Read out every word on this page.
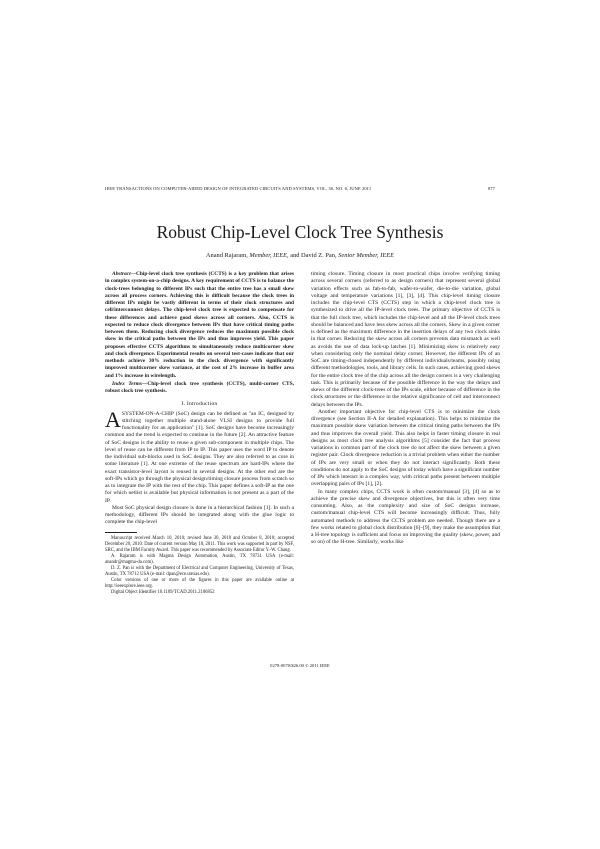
IEEE TRANSACTIONS ON COMPUTER-AIDED DESIGN OF INTEGRATED CIRCUITS AND SYSTEMS, VOL. 30, NO. 6, JUNE 2011	877
Robust Chip-Level Clock Tree Synthesis
Anand Rajaram, Member, IEEE, and David Z. Pan, Senior Member, IEEE

Abstract—Chip-level clock tree synthesis (CCTS) is a key problem that arises in complex system-on-a-chip designs. A key requirement of CCTS is to balance the clock-trees belonging to different IPs such that the entire tree has a small skew across all process corners. Achieving this is difficult because the clock trees in different IPs might be vastly different in terms of their clock structures and cell/interconnect delays. The chip-level clock tree is expected to compensate for these differences and achieve good skews across all corners. Also, CCTS is expected to reduce clock divergence between IPs that have critical timing paths between them. Reducing clock divergence reduces the maximum possible clock skew in the critical paths between the IPs and thus improves yield. This paper proposes effective CCTS algorithms to simultaneously reduce multicorner skew and clock divergence. Experimental results on several test-cases indicate that our methods achieve 30% reduction in the clock divergence with significantly improved multicorner skew variance, at the cost of 2% increase in buffer area and 1% increase in wirelength.

Index Terms—Chip-level clock tree synthesis (CCTS), multi-corner CTS, robust clock tree synthesis.

I. Introduction

ASYSTEM-ON-A-CHIP (SoC) design can be defined as "an IC, designed by stitching together multiple stand-alone VLSI designs to provide full functionality for an application" [1]. SoC designs have become increasingly common and the trend is expected to continue in the future [2]. An attractive feature of SoC designs is the ability to reuse a given sub-component in multiple chips. The level of reuse can be different from IP to IP. This paper uses the word IP to denote the individual sub-blocks used in SoC designs. They are also referred to as core in some literature [1]. At one extreme of the reuse spectrum are hard-IPs where the exact transistor-level layout is reused in several designs. At the other end are the soft-IPs which go through the physical design/timing closure process from scratch so as to integrate the IP with the rest of the chip. This paper defines a soft-IP as the one for which netlist is available but physical information is not present as a part of the IP.

Most SoC physical design closure is done in a hierarchical fashion [1]. In such a methodology, different IPs should be integrated along with the glue logic to complete the chip-level

Manuscript received March 10, 2010; revised June 30, 2010 and October 8, 2010; accepted December 20, 2010. Date of current version May 18, 2011. This work was supported in part by NSF, SRC, and the IBM Faculty Award. This paper was recommended by Associate Editor Y.-W. Chang.

A. Rajaram is with Magma Design Automation, Austin, TX 78731 USA (e-mail: anandr@magma-da.com).

D. Z. Pan is with the Department of Electrical and Computer Engineering, University of Texas, Austin, TX 78712 USA (e-mail: dpan@ece.utexas.edu).

Color versions of one or more of the figures in this paper are available online at http://ieeexplore.ieee.org.

Digital Object Identifier 10.1109/TCAD.2011.2106852

timing closure. Timing closure in most practical chips involve verifying timing across several corners (referred to as design corners) that represent several global variation effects such as fab-to-fab, wafer-to-wafer, die-to-die variation, global voltage and temperature variations [1], [3], [4]. This chip-level timing closure includes the chip-level CTS (CCTS) step in which a chip-level clock tree is synthesized to drive all the IP-level clock trees. The primary objective of CCTS is that the full clock tree, which includes the chip-level and all the IP-level clock trees should be balanced and have less skew across all the corners. Skew in a given corner is defined as the maximum difference in the insertion delays of any two clock sinks in that corner. Reducing the skew across all corners prevents data mismatch as well as avoids the use of data lock-up latches [1]. Minimizing skew is relatively easy when considering only the nominal delay corner. However, the different IPs of an SoC are timing-closed independently by different individuals/teams, possibly using different methodologies, tools, and library cells. In such cases, achieving good skews for the entire clock tree of the chip across all the design corners is a very challenging task. This is primarily because of the possible difference in the way the delays and skews of the different clock-trees of the IPs scale, either because of difference in the clock structures or the difference in the relative significance of cell and interconnect delays between the IPs.

Another important objective for chip-level CTS is to minimize the clock divergence (see Section II-A for detailed explanation). This helps to minimize the maximum possible skew variation between the critical timing paths between the IPs and thus improves the overall yield. This also helps in faster timing closure in real designs as most clock tree analysis algorithms [5] consider the fact that process variations in common part of the clock tree do not affect the skew between a given register pair. Clock divergence reduction is a trivial problem when either the number of IPs are very small or when they do not interact significantly. Both these conditions do not apply to the SoC designs of today which have a significant number of IPs which interact in a complex way, with critical paths present between multiple overlapping pairs of IPs [1], [2].

In many complex chips, CCTS work is often custom/manual [3], [4] so as to achieve the precise skew and divergence objectives, but this is often very time consuming. Also, as the complexity and size of SoC designs increase, custom/manual chip-level CTS will become increasingly difficult. Thus, fully automated methods to address the CCTS problem are needed. Though there are a few works related to global clock distribution [6]–[9], they make the assumption that a H-tree topology is sufficient and focus on improving the quality (skew, power, and so on) of the H-tree. Similarly, works like

0278-0070/$26.00 © 2011 IEEE
